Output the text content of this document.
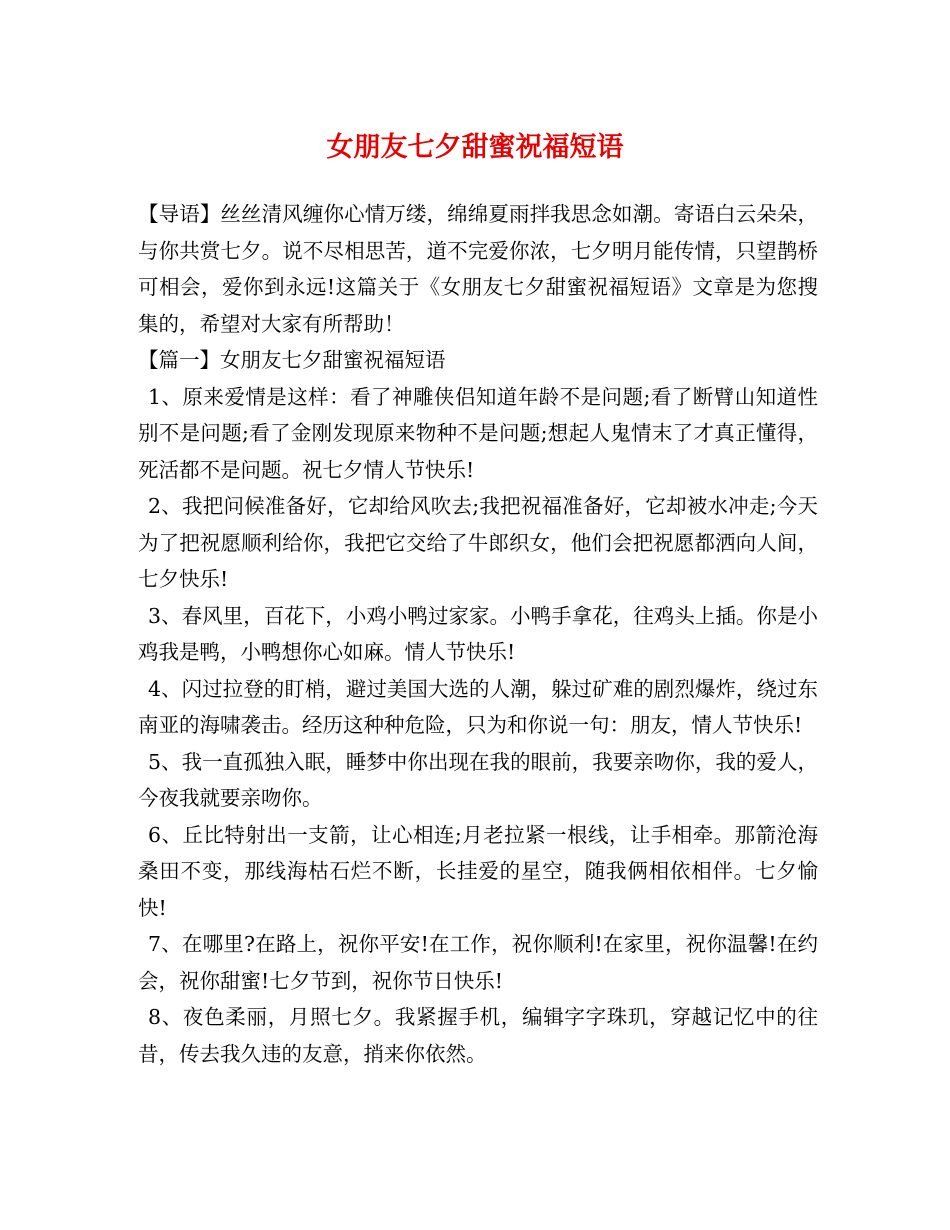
女朋友七夕甜蜜祝福短语

【导语】丝丝清风缠你心情万缕，绵绵夏雨拌我思念如潮。寄语白云朵朵，与你共赏七夕。说不尽相思苦，道不完爱你浓，七夕明月能传情，只望鹊桥可相会，爱你到永远!这篇关于《女朋友七夕甜蜜祝福短语》文章是为您搜集的，希望对大家有所帮助！

【篇一】女朋友七夕甜蜜祝福短语

1、原来爱情是这样：看了神雕侠侣知道年龄不是问题;看了断臂山知道性别不是问题;看了金刚发现原来物种不是问题;想起人鬼情末了才真正懂得，死活都不是问题。祝七夕情人节快乐!

2、我把问候准备好，它却给风吹去;我把祝福准备好，它却被水冲走;今天为了把祝愿顺利给你，我把它交给了牛郎织女，他们会把祝愿都洒向人间，七夕快乐!

3、春风里，百花下，小鸡小鸭过家家。小鸭手拿花，往鸡头上插。你是小鸡我是鸭，小鸭想你心如麻。情人节快乐!

4、闪过拉登的盯梢，避过美国大选的人潮，躲过矿难的剧烈爆炸，绕过东南亚的海啸袭击。经历这种种危险，只为和你说一句：朋友，情人节快乐!

5、我一直孤独入眠，睡梦中你出现在我的眼前，我要亲吻你，我的爱人，今夜我就要亲吻你。

6、丘比特射出一支箭，让心相连;月老拉紧一根线，让手相牵。那箭沧海桑田不变，那线海枯石烂不断，长挂爱的星空，随我俩相依相伴。七夕愉快!

7、在哪里?在路上，祝你平安!在工作，祝你顺利!在家里，祝你温馨!在约会，祝你甜蜜!七夕节到，祝你节日快乐!

8、夜色柔丽，月照七夕。我紧握手机，编辑字字珠玑，穿越记忆中的往昔，传去我久违的友意，捎来你依然。
